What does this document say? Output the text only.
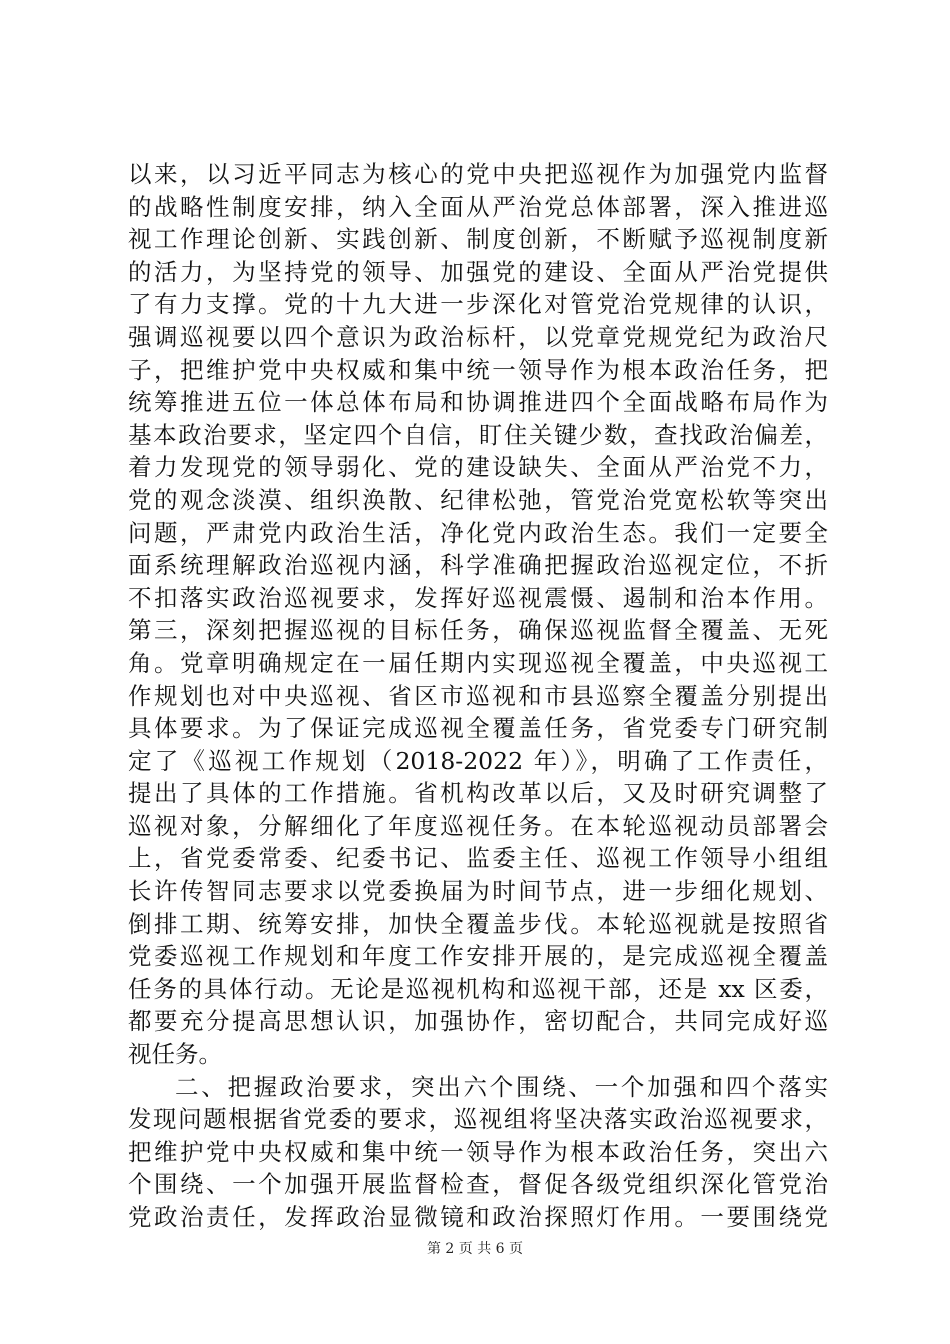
以来，以习近平同志为核心的党中央把巡视作为加强党内监督
的战略性制度安排，纳入全面从严治党总体部署，深入推进巡
视工作理论创新、实践创新、制度创新，不断赋予巡视制度新
的活力，为坚持党的领导、加强党的建设、全面从严治党提供
了有力支撑。党的十九大进一步深化对管党治党规律的认识，
强调巡视要以四个意识为政治标杆，以党章党规党纪为政治尺
子，把维护党中央权威和集中统一领导作为根本政治任务，把
统筹推进五位一体总体布局和协调推进四个全面战略布局作为
基本政治要求，坚定四个自信，盯住关键少数，查找政治偏差，
着力发现党的领导弱化、党的建设缺失、全面从严治党不力，
党的观念淡漠、组织涣散、纪律松弛，管党治党宽松软等突出
问题，严肃党内政治生活，净化党内政治生态。我们一定要全
面系统理解政治巡视内涵，科学准确把握政治巡视定位，不折
不扣落实政治巡视要求，发挥好巡视震慑、遏制和治本作用。
第三，深刻把握巡视的目标任务，确保巡视监督全覆盖、无死
角。党章明确规定在一届任期内实现巡视全覆盖，中央巡视工
作规划也对中央巡视、省区市巡视和市县巡察全覆盖分别提出
具体要求。为了保证完成巡视全覆盖任务，省党委专门研究制
定了《巡视工作规划（2018-2022 年）》，明确了工作责任，
提出了具体的工作措施。省机构改革以后，又及时研究调整了
巡视对象，分解细化了年度巡视任务。在本轮巡视动员部署会
上，省党委常委、纪委书记、监委主任、巡视工作领导小组组
长许传智同志要求以党委换届为时间节点，进一步细化规划、
倒排工期、统筹安排，加快全覆盖步伐。本轮巡视就是按照省
党委巡视工作规划和年度工作安排开展的，是完成巡视全覆盖
任务的具体行动。无论是巡视机构和巡视干部，还是 xx 区委，
都要充分提高思想认识，加强协作，密切配合，共同完成好巡
视任务。
二、把握政治要求，突出六个围绕、一个加强和四个落实
发现问题根据省党委的要求，巡视组将坚决落实政治巡视要求，
把维护党中央权威和集中统一领导作为根本政治任务，突出六
个围绕、一个加强开展监督检查，督促各级党组织深化管党治
党政治责任，发挥政治显微镜和政治探照灯作用。一要围绕党
第 2 页 共 6 页
